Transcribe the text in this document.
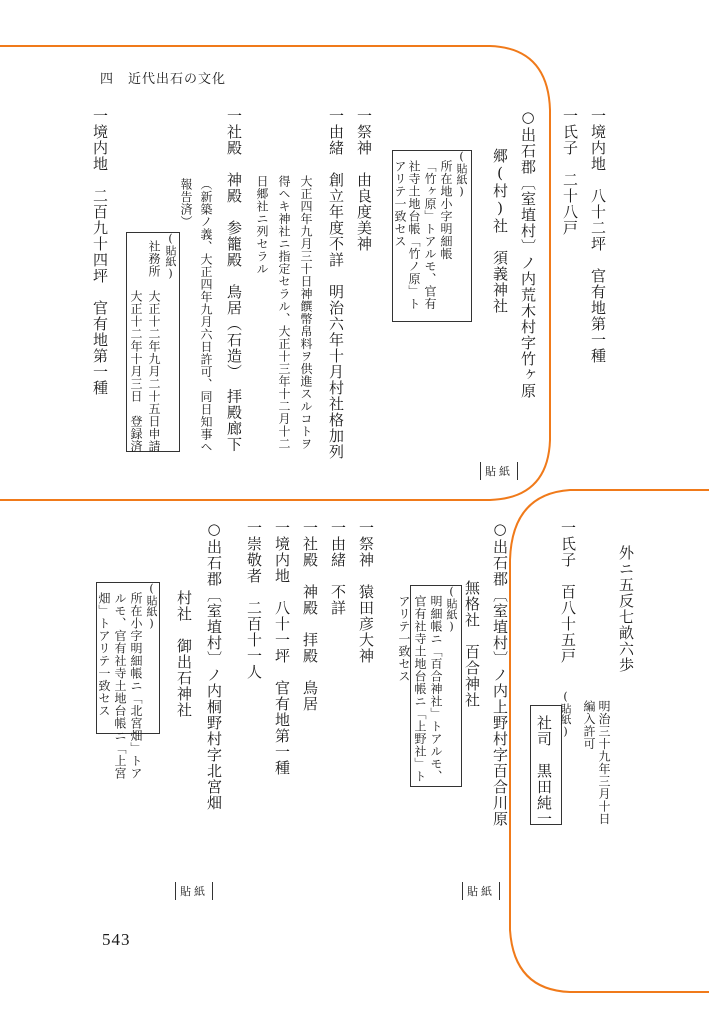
四　近代出石の文化
一境内地　八十二坪　官有地第一種
一氏子　二十八戸
○出石郡〔室埴村〕ノ内荒木村字竹ヶ原
郷(村)社　須義神社
(貼紙)
所在地小字明細帳
「竹ヶ原」トアルモ、官有
社寺土地台帳「竹ノ原」ト
アリテ一致セス
一祭神　由良度美神
一由緒　創立年度不詳　明治六年十月村社格加列
大正四年九月三十日神饌幣帛料ヲ供進スルコトヲ
得ヘキ神社ニ指定セラル、大正十三年十二月十二
日郷社ニ列セラル
一社殿　神殿　参籠殿　鳥居（石造）　拝殿廊下
（新築ノ義、大正四年九月六日許可、同日知事ヘ
報告済）
(貼紙)
社務所　大正十二年九月二十五日申請
　　　　大正十二年十月三日　登録済
一境内地　二百九十四坪　官有地第一種
貼紙
外ニ五反七畝六歩
明治三十九年三月十日
編入許可
一氏子　百八十五戸
(貼紙)
社司　黒田純一
○出石郡〔室埴村〕ノ内上野村字百合川原
無格社　百合神社
(貼紙)
明細帳ニ「百合神社」トアルモ、
官有社寺土地台帳ニ「上野社」ト
アリテ一致セス
一祭神　猿田彦大神
一由緒　不詳
一社殿　神殿　拝殿　鳥居
一境内地　八十一坪　官有地第一種
一崇敬者　二百十一人
○出石郡〔室埴村〕ノ内桐野村字北宮畑
村社　御出石神社
(貼紙)
所在小字明細帳ニ「北宮畑」トア
ルモ、官有社寺土地台帳ニ「上宮
畑」トアリテ一致セス
貼紙
貼紙
543
